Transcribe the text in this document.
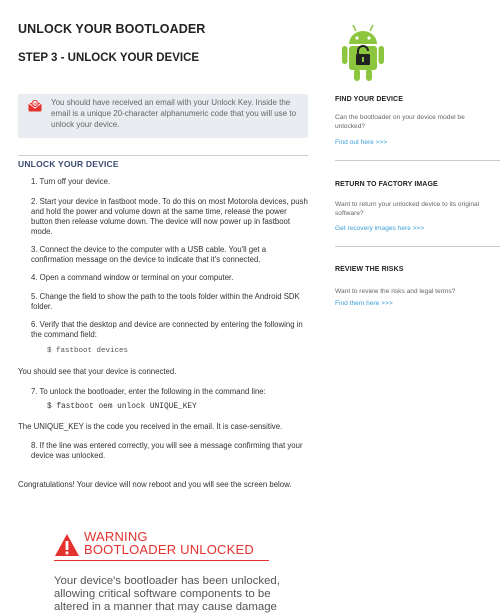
UNLOCK YOUR BOOTLOADER
STEP 3 - UNLOCK YOUR DEVICE
@ You should have received an email with your Unlock Key. Inside the email is a unique 20-character alphanumeric code that you will use to unlock your device.
UNLOCK YOUR DEVICE

1. Turn off your device.

2. Start your device in fastboot mode. To do this on most Motorola devices, push and hold the power and volume down at the same time, release the power button then release volume down. The device will now power up in fastboot mode.

3. Connect the device to the computer with a USB cable. You'll get a confirmation message on the device to indicate that it's connected.

4. Open a command window or terminal on your computer.

5. Change the field to show the path to the tools folder within the Android SDK folder.

6. Verify that the desktop and device are connected by entering the following in the command field:

$ fastboot devices

You should see that your device is connected.
7. To unlock the bootloader, enter the following in the command line:
$ fastboot oem unlock UNIQUE_KEY
The UNIQUE_KEY is the code you received in the email. It is case-sensitive.
8. If the line was entered correctly, you will see a message confirming that your device was unlocked.
Congratulations! Your device will now reboot and you will see the screen below.
WARNING
BOOTLOADER UNLOCKED
Your device's bootloader has been unlocked, allowing critical software components to be altered in a manner that may cause damage
FIND YOUR DEVICE
Can the bootloader on your device model be unlocked?
Find out here >>>
RETURN TO FACTORY IMAGE
Want to return your unlocked device to its original software?
Get recovery images here >>>
REVIEW THE RISKS
Want to review the risks and legal terms?
Find them here >>>
